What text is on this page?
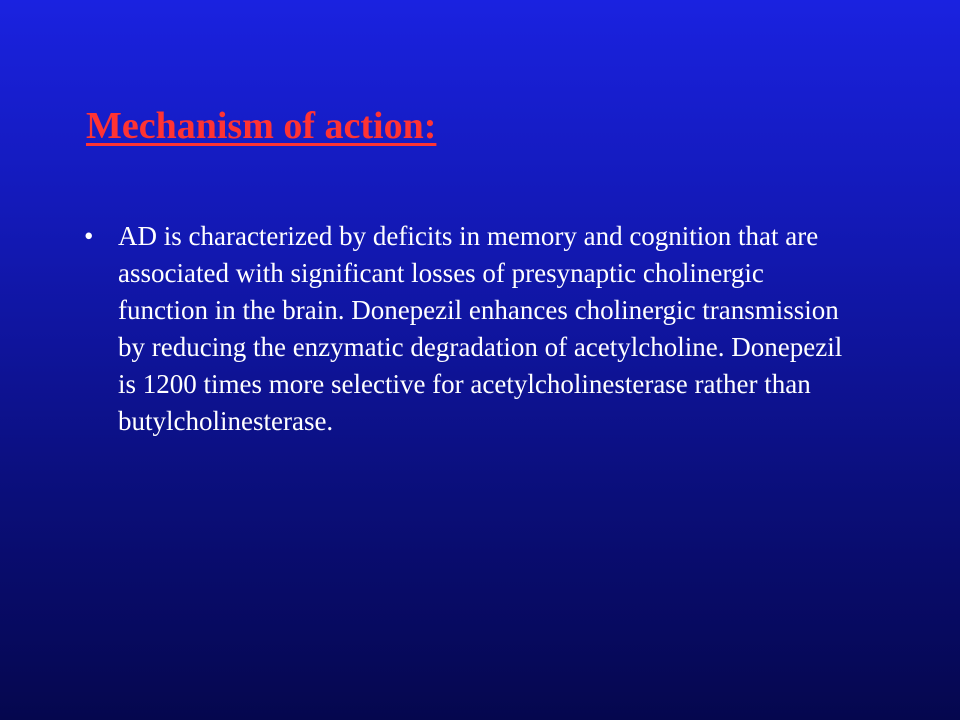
Mechanism of action:
• AD is characterized by deficits in memory and cognition that are associated with significant losses of presynaptic cholinergic function in the brain. Donepezil enhances cholinergic transmission by reducing the enzymatic degradation of acetylcholine. Donepezil is 1200 times more selective for acetylcholinesterase rather than butylcholinesterase.
